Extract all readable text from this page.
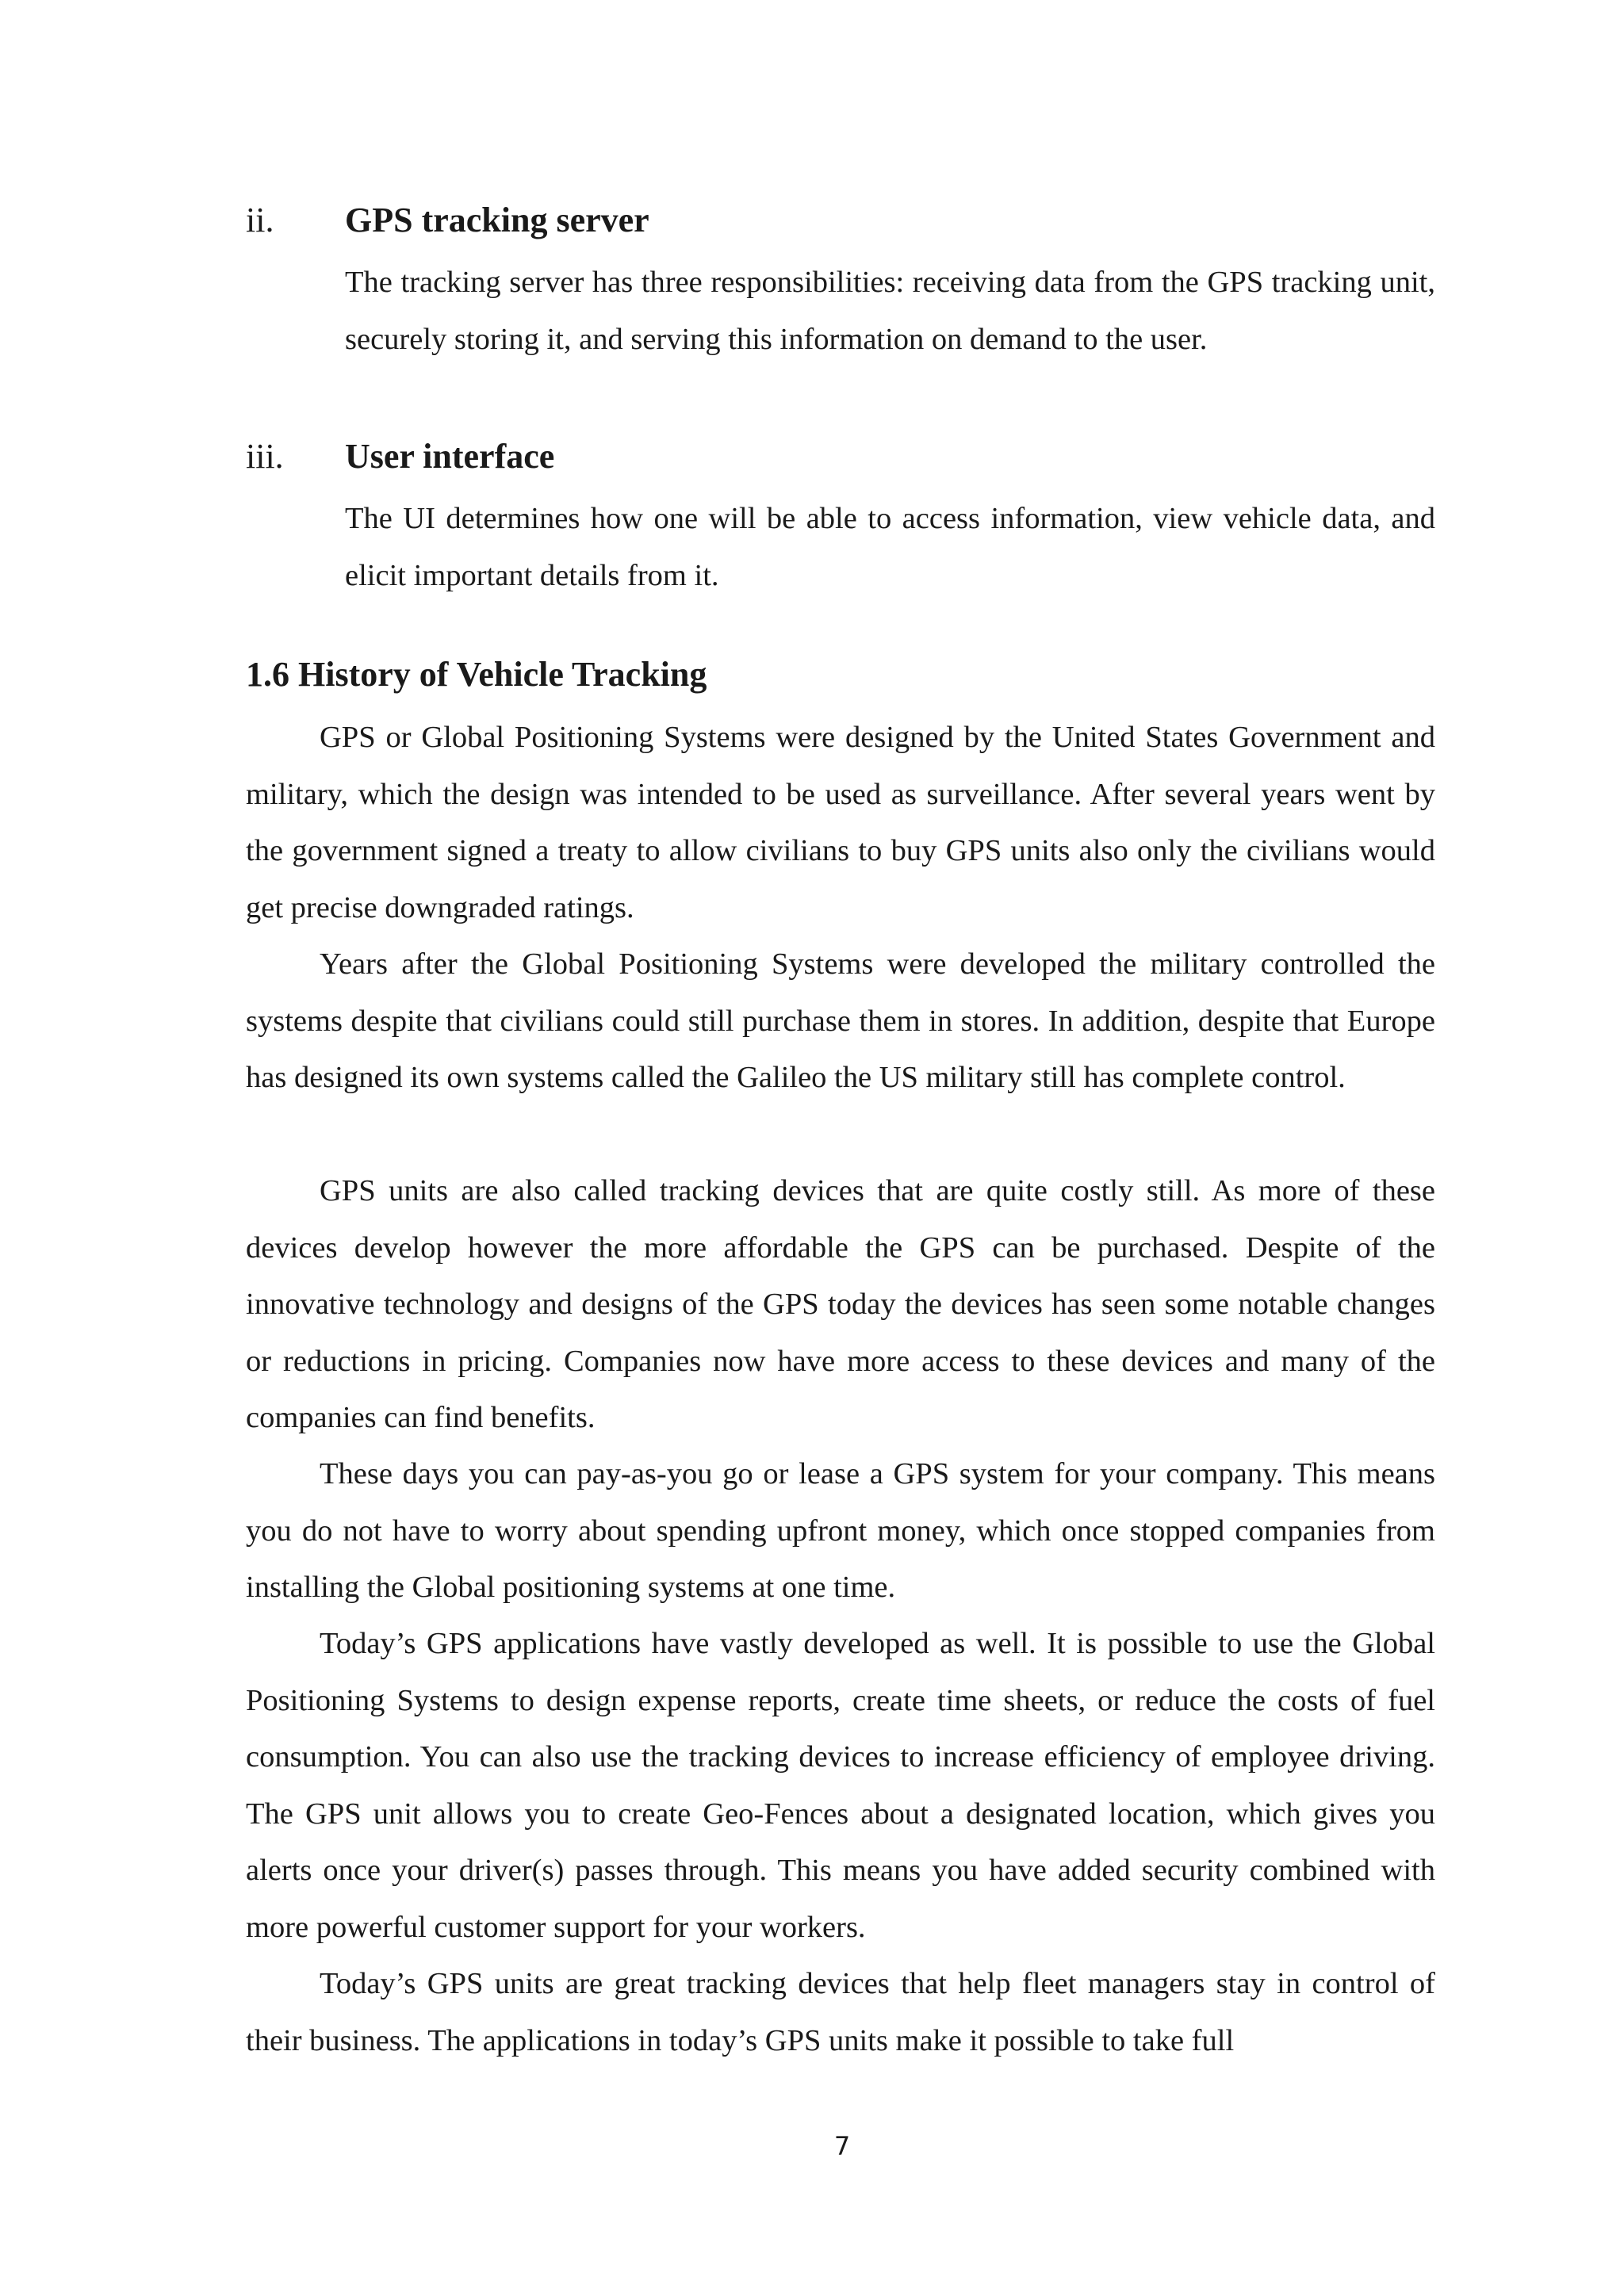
ii. GPS tracking server
The tracking server has three responsibilities: receiving data from the GPS tracking unit, securely storing it, and serving this information on demand to the user.
iii. User interface
The UI determines how one will be able to access information, view vehicle data, and elicit important details from it.
1.6 History of Vehicle Tracking

GPS or Global Positioning Systems were designed by the United States Government and military, which the design was intended to be used as surveillance. After several years went by the government signed a treaty to allow civilians to buy GPS units also only the civilians would get precise downgraded ratings.

Years after the Global Positioning Systems were developed the military controlled the systems despite that civilians could still purchase them in stores. In addition, despite that Europe has designed its own systems called the Galileo the US military still has complete control.

GPS units are also called tracking devices that are quite costly still. As more of these devices develop however the more affordable the GPS can be purchased. Despite of the innovative technology and designs of the GPS today the devices has seen some notable changes or reductions in pricing. Companies now have more access to these devices and many of the companies can find benefits.

These days you can pay-as-you go or lease a GPS system for your company. This means you do not have to worry about spending upfront money, which once stopped companies from installing the Global positioning systems at one time.

Today’s GPS applications have vastly developed as well. It is possible to use the Global Positioning Systems to design expense reports, create time sheets, or reduce the costs of fuel consumption. You can also use the tracking devices to increase efficiency of employee driving. The GPS unit allows you to create Geo-Fences about a designated location, which gives you alerts once your driver(s) passes through. This means you have added security combined with more powerful customer support for your workers.

Today’s GPS units are great tracking devices that help fleet managers stay in control of their business. The applications in today’s GPS units make it possible to take full

7
